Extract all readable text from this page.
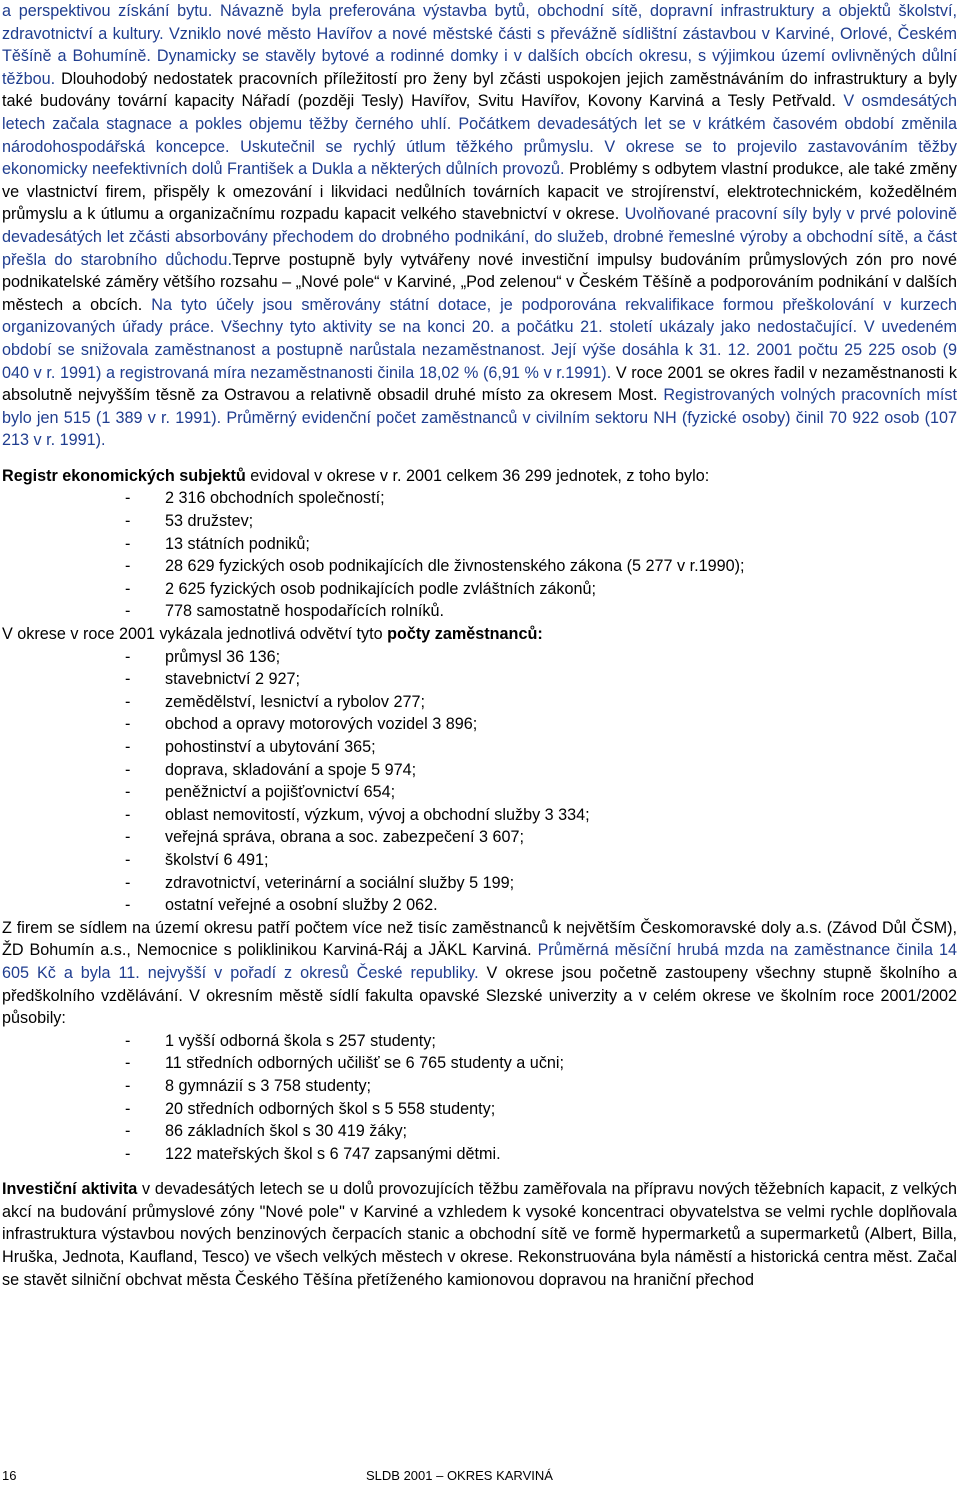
a perspektivou získání bytu. Návazně byla preferována výstavba bytů, obchodní sítě, dopravní infrastruktury a objektů školství, zdravotnictví a kultury. Vzniklo nové město Havířov a nové městské části s převážně sídlištní zástavbou v Karviné, Orlové, Českém Těšíně a Bohumíně. Dynamicky se stavěly bytové a rodinné domky i v dalších obcích okresu, s výjimkou území ovlivněných důlní těžbou. Dlouhodobý nedostatek pracovních příležitostí pro ženy byl zčásti uspokojen jejich zaměstnáváním do infrastruktury a byly také budovány tovární kapacity Nářadí (později Tesly) Havířov, Svitu Havířov, Kovony Karviná a Tesly Petřvald. V osmdesátých letech začala stagnace a pokles objemu těžby černého uhlí. Počátkem devadesátých let se v krátkém časovém období změnila národohospodářská koncepce. Uskutečnil se rychlý útlum těžkého průmyslu. V okrese se to projevilo zastavováním těžby ekonomicky neefektivních dolů František a Dukla a některých důlních provozů. Problémy s odbytem vlastní produkce, ale také změny ve vlastnictví firem, přispěly k omezování i likvidaci nedůlních továrních kapacit ve strojírenství, elektrotechnickém, kožedělném průmyslu a k útlumu a organizačnímu rozpadu kapacit velkého stavebnictví v okrese. Uvolňované pracovní síly byly v prvé polovině devadesátých let zčásti absorbovány přechodem do drobného podnikání, do služeb, drobné řemeslné výroby a obchodní sítě, a část přešla do starobního důchodu.Teprve postupně byly vytvářeny nové investiční impulsy budováním průmyslových zón pro nové podnikatelské záměry většího rozsahu – „Nové pole“ v Karviné, „Pod zelenou“ v Českém Těšíně a podporováním podnikání v dalších městech a obcích. Na tyto účely jsou směrovány státní dotace, je podporována rekvalifikace formou přeškolování v kurzech organizovaných úřady práce. Všechny tyto aktivity se na konci 20. a počátku 21. století ukázaly jako nedostačující. V uvedeném období se snižovala zaměstnanost a postupně narůstala nezaměstnanost. Její výše dosáhla k 31. 12. 2001 počtu 25 225 osob (9 040 v r. 1991) a registrovaná míra nezaměstnanosti činila 18,02 % (6,91 % v r.1991). V roce 2001 se okres řadil v nezaměstnanosti k absolutně nejvyšším těsně za Ostravou a relativně obsadil druhé místo za okresem Most. Registrovaných volných pracovních míst bylo jen 515 (1 389 v r. 1991). Průměrný evidenční počet zaměstnanců v civilním sektoru NH (fyzické osoby) činil 70 922 osob (107 213 v r. 1991).

Registr ekonomických subjektů evidoval v okrese v r. 2001 celkem 36 299 jednotek, z toho bylo:

- 2 316 obchodních společností;
- 53 družstev;
- 13 státních podniků;
- 28 629 fyzických osob podnikajících dle živnostenského zákona (5 277 v r.1990);
- 2 625 fyzických osob podnikajících podle zvláštních zákonů;
- 778 samostatně hospodařících rolníků.

V okrese v roce 2001 vykázala jednotlivá odvětví tyto počty zaměstnanců:

- průmysl 36 136;
- stavebnictví 2 927;
- zemědělství, lesnictví a rybolov 277;
- obchod a opravy motorových vozidel 3 896;
- pohostinství a ubytování 365;
- doprava, skladování a spoje 5 974;
- peněžnictví a pojišťovnictví 654;
- oblast nemovitostí, výzkum, vývoj a obchodní služby 3 334;
- veřejná správa, obrana a soc. zabezpečení 3 607;
- školství 6 491;
- zdravotnictví, veterinární a sociální služby 5 199;
- ostatní veřejné a osobní služby 2 062.

Z firem se sídlem na území okresu patří počtem více než tisíc zaměstnanců k největším Českomoravské doly a.s. (Závod Důl ČSM), ŽD Bohumín a.s., Nemocnice s poliklinikou Karviná-Ráj a JÄKL Karviná. Průměrná měsíční hrubá mzda na zaměstnance činila 14 605 Kč a byla 11. nejvyšší v pořadí z okresů České republiky. V okrese jsou početně zastoupeny všechny stupně školního a předškolního vzdělávání. V okresním městě sídlí fakulta opavské Slezské univerzity a v celém okrese ve školním roce 2001/2002 působily:

- 1 vyšší odborná škola s 257 studenty;
- 11 středních odborných učilišť se 6 765 studenty a učni;
- 8 gymnázií s 3 758 studenty;
- 20 středních odborných škol s 5 558 studenty;
- 86 základních škol s 30 419 žáky;
- 122 mateřských škol s 6 747 zapsanými dětmi.

Investiční aktivita v devadesátých letech se u dolů provozujících těžbu zaměřovala na přípravu nových těžebních kapacit, z velkých akcí na budování průmyslové zóny "Nové pole" v Karviné a vzhledem k vysoké koncentraci obyvatelstva se velmi rychle doplňovala infrastruktura výstavbou nových benzinových čerpacích stanic a obchodní sítě ve formě hypermarketů a supermarketů (Albert, Billa, Hruška, Jednota, Kaufland, Tesco) ve všech velkých městech v okrese. Rekonstruována byla náměstí a historická centra měst. Začal se stavět silniční obchvat města Českého Těšína přetíženého kamionovou dopravou na hraniční přechod

16	SLDB 2001 – OKRES KARVINÁ
